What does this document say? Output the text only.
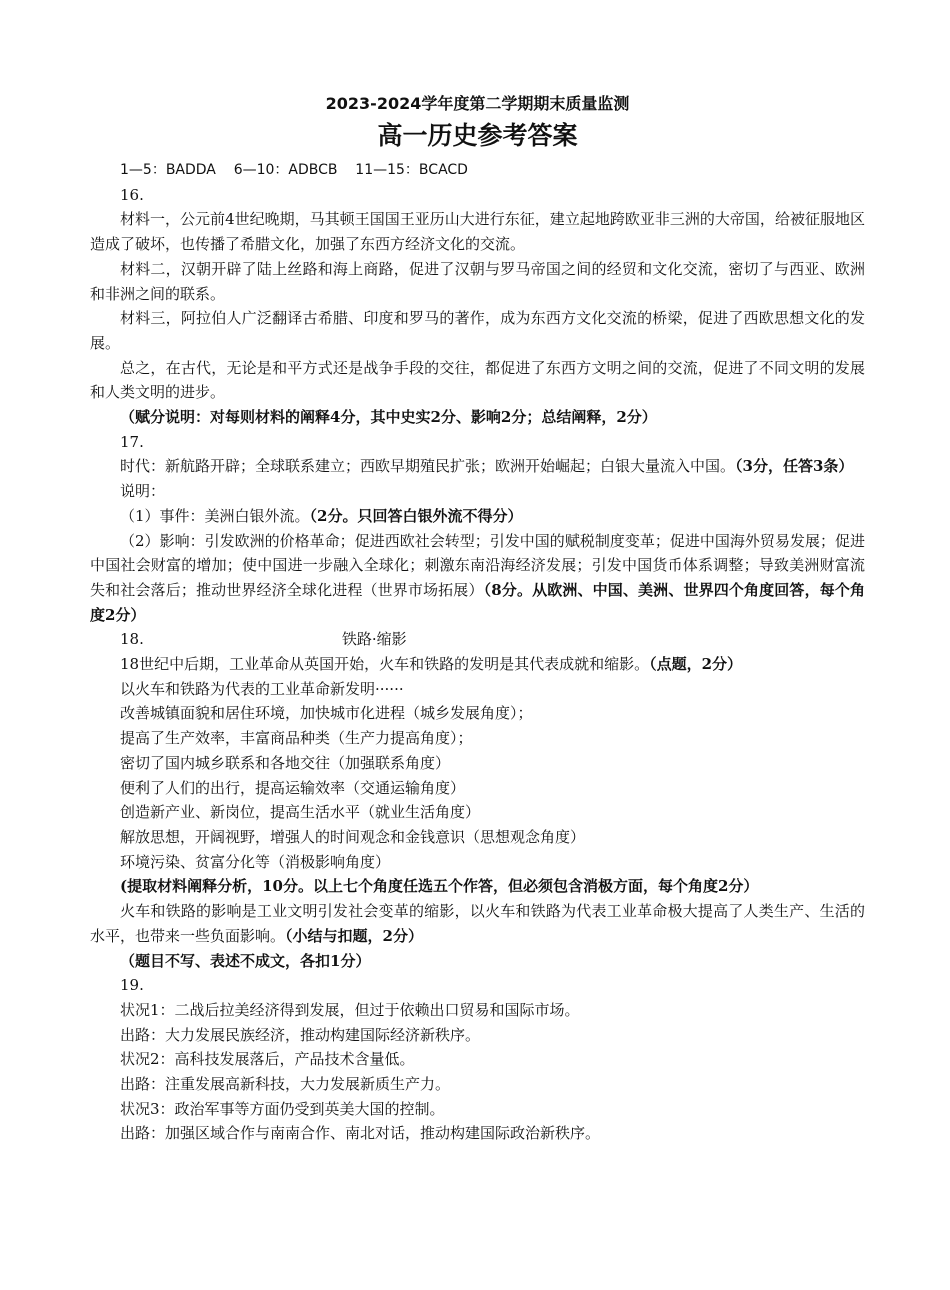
2023-2024学年度第二学期期末质量监测
高一历史参考答案

1—5：BADDA    6—10：ADBCB    11—15：BCACD

16.

材料一，公元前4世纪晚期，马其顿王国国王亚历山大进行东征，建立起地跨欧亚非三洲的大帝国，给被征服地区造成了破坏，也传播了希腊文化，加强了东西方经济文化的交流。

材料二，汉朝开辟了陆上丝路和海上商路，促进了汉朝与罗马帝国之间的经贸和文化交流，密切了与西亚、欧洲和非洲之间的联系。

材料三，阿拉伯人广泛翻译古希腊、印度和罗马的著作，成为东西方文化交流的桥梁，促进了西欧思想文化的发展。

总之，在古代，无论是和平方式还是战争手段的交往，都促进了东西方文明之间的交流，促进了不同文明的发展和人类文明的进步。

（赋分说明：对每则材料的阐释4分，其中史实2分、影响2分；总结阐释，2分）

17.

时代：新航路开辟；全球联系建立；西欧早期殖民扩张；欧洲开始崛起；白银大量流入中国。（3分，任答3条）

说明：

（1）事件：美洲白银外流。（2分。只回答白银外流不得分）

（2）影响：引发欧洲的价格革命；促进西欧社会转型；引发中国的赋税制度变革；促进中国海外贸易发展；促进中国社会财富的增加；使中国进一步融入全球化；刺激东南沿海经济发展；引发中国货币体系调整；导致美洲财富流失和社会落后；推动世界经济全球化进程（世界市场拓展）（8分。从欧洲、中国、美洲、世界四个角度回答，每个角度2分）

18.	铁路·缩影

18世纪中后期，工业革命从英国开始，火车和铁路的发明是其代表成就和缩影。（点题，2分）

以火车和铁路为代表的工业革命新发明······

改善城镇面貌和居住环境，加快城市化进程（城乡发展角度）；

提高了生产效率，丰富商品种类（生产力提高角度）；

密切了国内城乡联系和各地交往（加强联系角度）

便利了人们的出行，提高运输效率（交通运输角度）

创造新产业、新岗位，提高生活水平（就业生活角度）

解放思想，开阔视野，增强人的时间观念和金钱意识（思想观念角度）

环境污染、贫富分化等（消极影响角度）

(提取材料阐释分析，10分。以上七个角度任选五个作答，但必须包含消极方面，每个角度2分）

火车和铁路的影响是工业文明引发社会变革的缩影，以火车和铁路为代表工业革命极大提高了人类生产、生活的水平，也带来一些负面影响。（小结与扣题，2分）

（题目不写、表述不成文，各扣1分）

19.

状况1：二战后拉美经济得到发展，但过于依赖出口贸易和国际市场。

出路：大力发展民族经济，推动构建国际经济新秩序。

状况2：高科技发展落后，产品技术含量低。

出路：注重发展高新科技，大力发展新质生产力。

状况3：政治军事等方面仍受到英美大国的控制。

出路：加强区域合作与南南合作、南北对话，推动构建国际政治新秩序。
